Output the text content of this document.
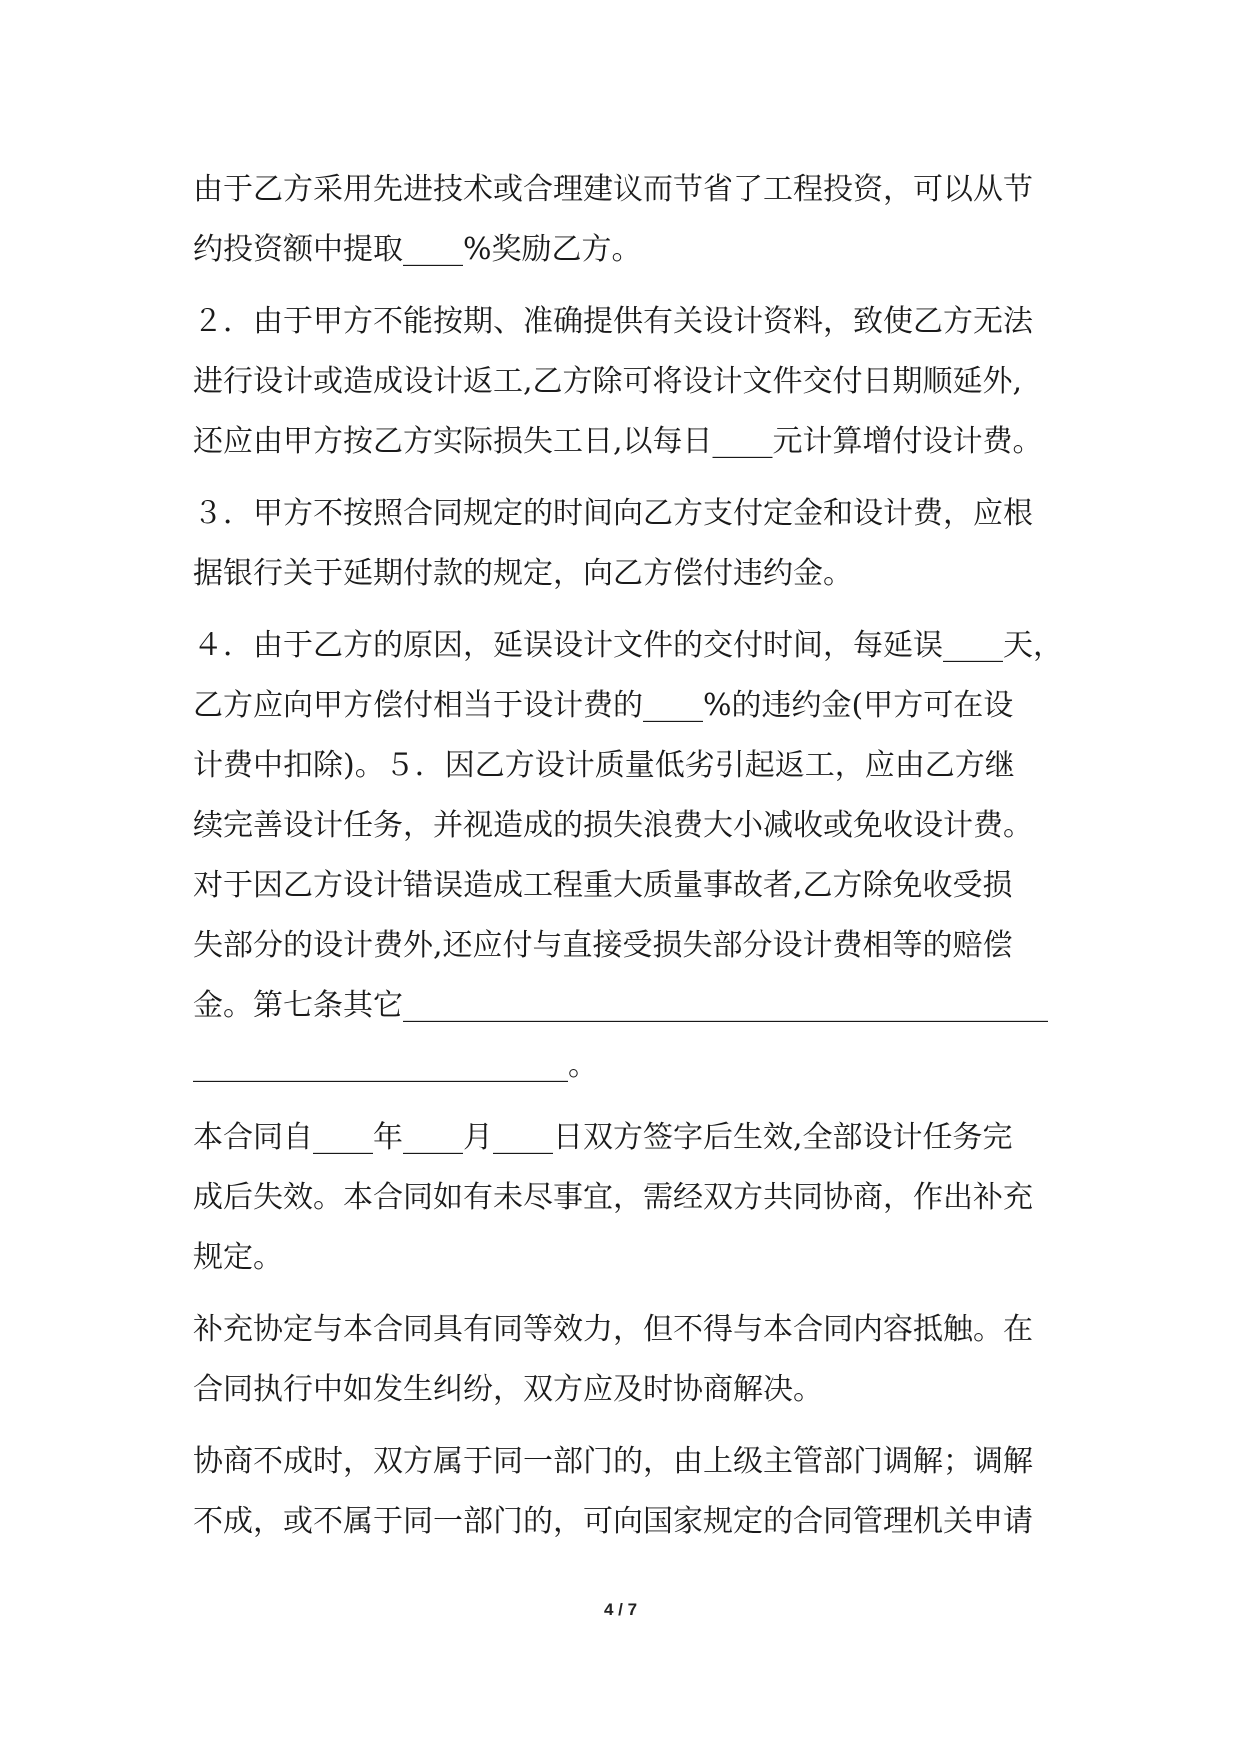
由于乙方采用先进技术或合理建议而节省了工程投资，可以从节
约投资额中提取____%奖励乙方。
２．由于甲方不能按期、准确提供有关设计资料，致使乙方无法
进行设计或造成设计返工,乙方除可将设计文件交付日期顺延外,
还应由甲方按乙方实际损失工日,以每日____元计算增付设计费。
３．甲方不按照合同规定的时间向乙方支付定金和设计费，应根
据银行关于延期付款的规定，向乙方偿付违约金。
４．由于乙方的原因，延误设计文件的交付时间，每延误____天，
乙方应向甲方偿付相当于设计费的____%的违约金(甲方可在设
计费中扣除)。５．因乙方设计质量低劣引起返工，应由乙方继
续完善设计任务，并视造成的损失浪费大小减收或免收设计费。
对于因乙方设计错误造成工程重大质量事故者,乙方除免收受损
失部分的设计费外,还应付与直接受损失部分设计费相等的赔偿
金。第七条其它___________________________________________
_________________________。
本合同自____年____月____日双方签字后生效,全部设计任务完
成后失效。本合同如有未尽事宜，需经双方共同协商，作出补充
规定。
补充协定与本合同具有同等效力，但不得与本合同内容抵触。在
合同执行中如发生纠纷，双方应及时协商解决。
协商不成时，双方属于同一部门的，由上级主管部门调解；调解
不成，或不属于同一部门的，可向国家规定的合同管理机关申请
4 / 7
